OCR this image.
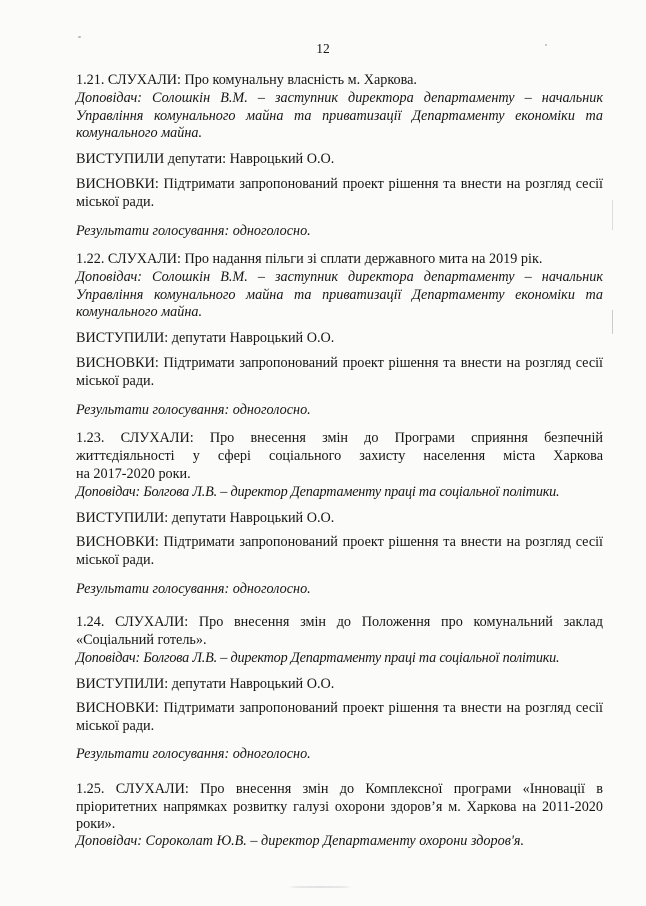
12

1.21. СЛУХАЛИ: Про комунальну власність м. Харкова.

Доповідач: Солошкін В.М. – заступник директора департаменту – начальник Управління комунального майна та приватизації Департаменту економіки та комунального майна.

ВИСТУПИЛИ депутати: Навроцький О.О.

ВИСНОВКИ: Підтримати запропонований проект рішення та внести на розгляд сесії міської ради.

Результати голосування: одноголосно.

1.22. СЛУХАЛИ: Про надання пільги зі сплати державного мита на 2019 рік.

Доповідач: Солошкін В.М. – заступник директора департаменту – начальник Управління комунального майна та приватизації Департаменту економіки та комунального майна.

ВИСТУПИЛИ: депутати Навроцький О.О.

ВИСНОВКИ: Підтримати запропонований проект рішення та внести на розгляд сесії міської ради.

Результати голосування: одноголосно.

1.23. СЛУХАЛИ: Про внесення змін до Програми сприяння безпечній

життєдіяльності у сфері соціального захисту населення міста Харкова

на 2017-2020 роки.

Доповідач: Болгова Л.В. – директор Департаменту праці та соціальної політики.

ВИСТУПИЛИ: депутати Навроцький О.О.

ВИСНОВКИ: Підтримати запропонований проект рішення та внести на розгляд сесії міської ради.

Результати голосування: одноголосно.

1.24. СЛУХАЛИ: Про внесення змін до Положення про комунальний заклад «Соціальний готель».

Доповідач: Болгова Л.В. – директор Департаменту праці та соціальної політики.

ВИСТУПИЛИ: депутати Навроцький О.О.

ВИСНОВКИ: Підтримати запропонований проект рішення та внести на розгляд сесії міської ради.

Результати голосування: одноголосно.

1.25. СЛУХАЛИ: Про внесення змін до Комплексної програми «Інновації в пріоритетних напрямках розвитку галузі охорони здоров’я м. Харкова на 2011-2020 роки».

Доповідач: Сороколат Ю.В. – директор Департаменту охорони здоров'я.
